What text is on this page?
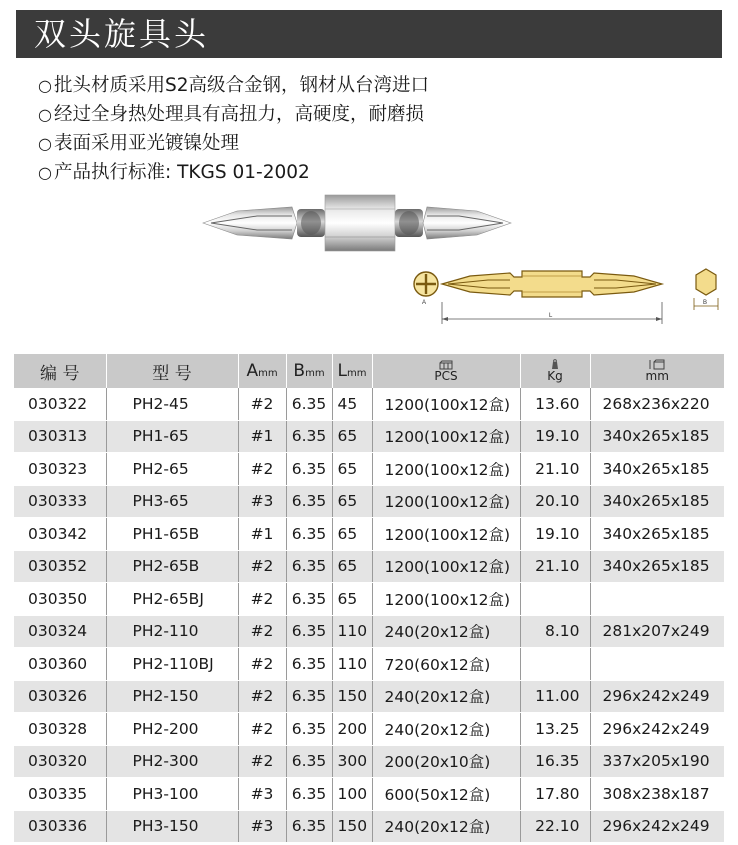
双头旋具头
○ 批头材质采用S2高级合金钢，钢材从台湾进口
○ 经过全身热处理具有高扭力，高硬度，耐磨损
○ 表面采用亚光镀镍处理
○ 产品执行标准: TKGS 01-2002
A	B
L
编 号	型 号	Amm	Bmm	Lmm	PCS	Kg	mm

030322	PH2-45	#2	6.35	45	1200(100x12盒)	13.60	268x236x220
030313	PH1-65	#1	6.35	65	1200(100x12盒)	19.10	340x265x185
030323	PH2-65	#2	6.35	65	1200(100x12盒)	21.10	340x265x185
030333	PH3-65	#3	6.35	65	1200(100x12盒)	20.10	340x265x185
030342	PH1-65B	#1	6.35	65	1200(100x12盒)	19.10	340x265x185
030352	PH2-65B	#2	6.35	65	1200(100x12盒)	21.10	340x265x185
030350	PH2-65BJ	#2	6.35	65	1200(100x12盒)		
030324	PH2-110	#2	6.35	110	240(20x12盒)	8.10	281x207x249
030360	PH2-110BJ	#2	6.35	110	720(60x12盒)		
030326	PH2-150	#2	6.35	150	240(20x12盒)	11.00	296x242x249
030328	PH2-200	#2	6.35	200	240(20x12盒)	13.25	296x242x249
030320	PH2-300	#2	6.35	300	200(20x10盒)	16.35	337x205x190
030335	PH3-100	#3	6.35	100	600(50x12盒)	17.80	308x238x187
030336	PH3-150	#3	6.35	150	240(20x12盒)	22.10	296x242x249
